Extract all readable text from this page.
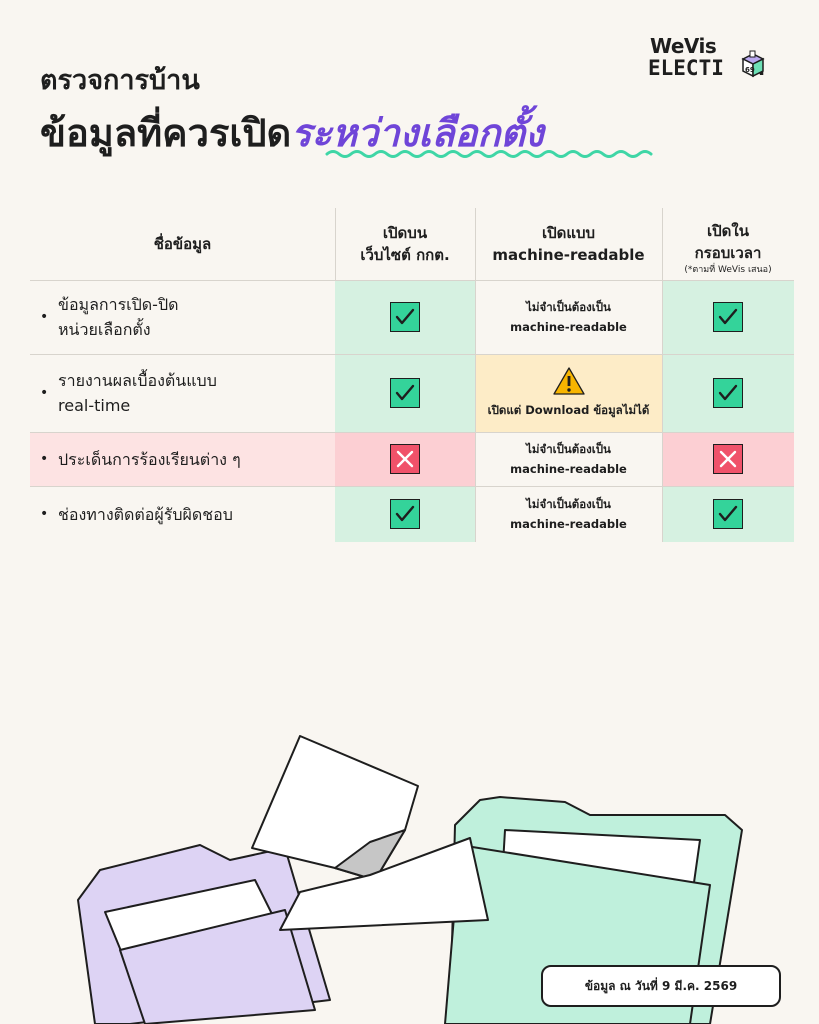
ตรวจการบ้าน
ข้อมูลที่ควรเปิดระหว่างเลือกตั้ง
WeVis
ELECTI	69
ชื่อข้อมูล
เปิดบน
เว็บไซต์ กกต.
เปิดแบบ
machine-readable
เปิดใน
กรอบเวลา
(*ตามที่ WeVis เสนอ)
•
ข้อมูลการเปิด-ปิด
หน่วยเลือกตั้ง
ไม่จำเป็นต้องเป็น
machine-readable
•
รายงานผลเบื้องต้นแบบ
real-time	เปิดแต่ Download ข้อมูลไม่ได้
• ประเด็นการร้องเรียนต่าง ๆ
ไม่จำเป็นต้องเป็น
machine-readable
• ช่องทางติดต่อผู้รับผิดชอบ
ไม่จำเป็นต้องเป็น
machine-readable
ข้อมูล ณ วันที่ 9 มี.ค. 2569
